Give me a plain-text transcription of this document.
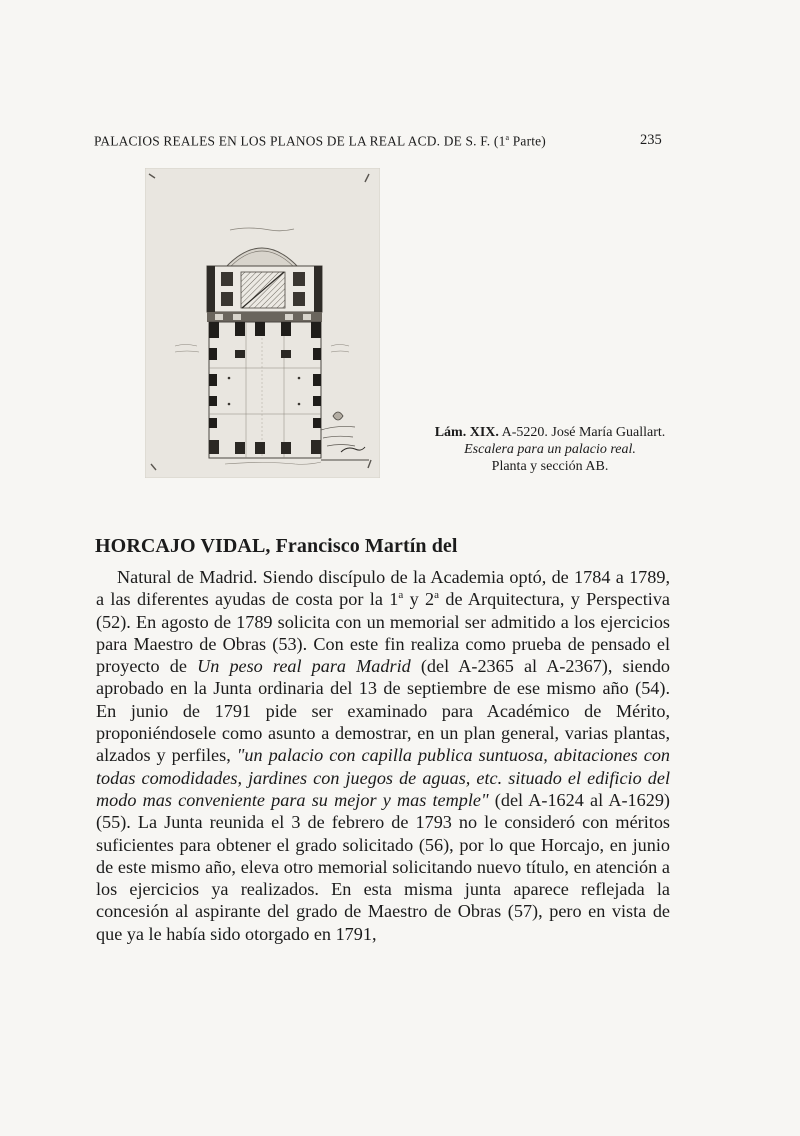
PALACIOS REALES EN LOS PLANOS DE LA REAL ACD. DE S. F. (1$^a$ Parte)	235
Lám. XIX. A-5220. José María Guallart.
Escalera para un palacio real.
Planta y sección AB.
HORCAJO VIDAL, Francisco Martín del

Natural de Madrid. Siendo discípulo de la Academia optó, de 1784 a 1789, a las diferentes ayudas de costa por la 1$^a$ y 2$^a$ de Arquitectura, y Perspectiva (52). En agosto de 1789 solicita con un memorial ser admitido a los ejercicios para Maestro de Obras (53). Con este fin realiza como prueba de pensado el proyecto de Un peso real para Madrid (del A-2365 al A-2367), siendo aprobado en la Junta ordinaria del 13 de septiembre de ese mismo año (54). En junio de 1791 pide ser examinado para Académico de Mérito, proponiéndosele como asunto a demostrar, en un plan general, varias plantas, alzados y perfiles, "un palacio con capilla publica suntuosa, abitaciones con todas comodidades, jardines con juegos de aguas, etc. situado el edificio del modo mas conveniente para su mejor y mas temple" (del A-1624 al A-1629) (55). La Junta reunida el 3 de febrero de 1793 no le consideró con méritos suficientes para obtener el grado solicitado (56), por lo que Horcajo, en junio de este mismo año, eleva otro memorial solicitando nuevo título, en atención a los ejercicios ya realizados. En esta misma junta aparece reflejada la concesión al aspirante del grado de Maestro de Obras (57), pero en vista de que ya le había sido otorgado en 1791,
